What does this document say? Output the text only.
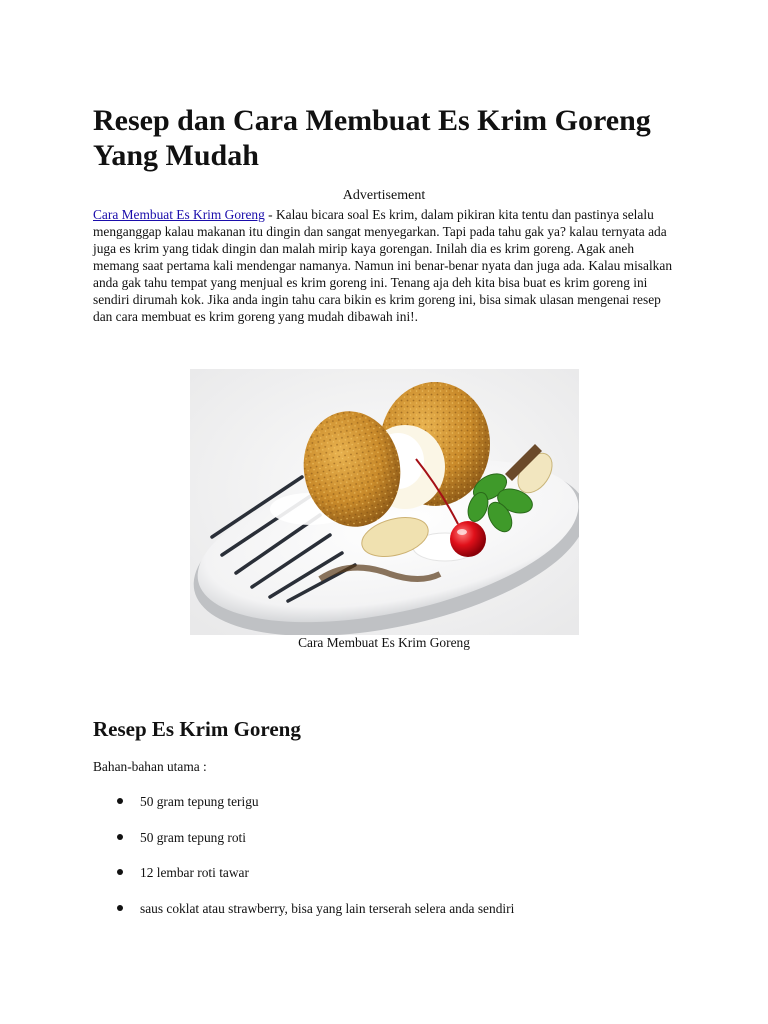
Resep dan Cara Membuat Es Krim Goreng Yang Mudah
Advertisement

Cara Membuat Es Krim Goreng - Kalau bicara soal Es krim, dalam pikiran kita tentu dan pastinya selalu menganggap kalau makanan itu dingin dan sangat menyegarkan. Tapi pada tahu gak ya? kalau ternyata ada juga es krim yang tidak dingin dan malah mirip kaya gorengan. Inilah dia es krim goreng. Agak aneh memang saat pertama kali mendengar namanya. Namun ini benar-benar nyata dan juga ada. Kalau misalkan anda gak tahu tempat yang menjual es krim goreng ini. Tenang aja deh kita bisa buat es krim goreng ini sendiri dirumah kok. Jika anda ingin tahu cara bikin es krim goreng ini, bisa simak ulasan mengenai resep dan cara membuat es krim goreng yang mudah dibawah ini!.

Cara Membuat Es Krim Goreng
Resep Es Krim Goreng

Bahan-bahan utama :

50 gram tepung terigu
50 gram tepung roti
12 lembar roti tawar
saus coklat atau strawberry, bisa yang lain terserah selera anda sendiri
